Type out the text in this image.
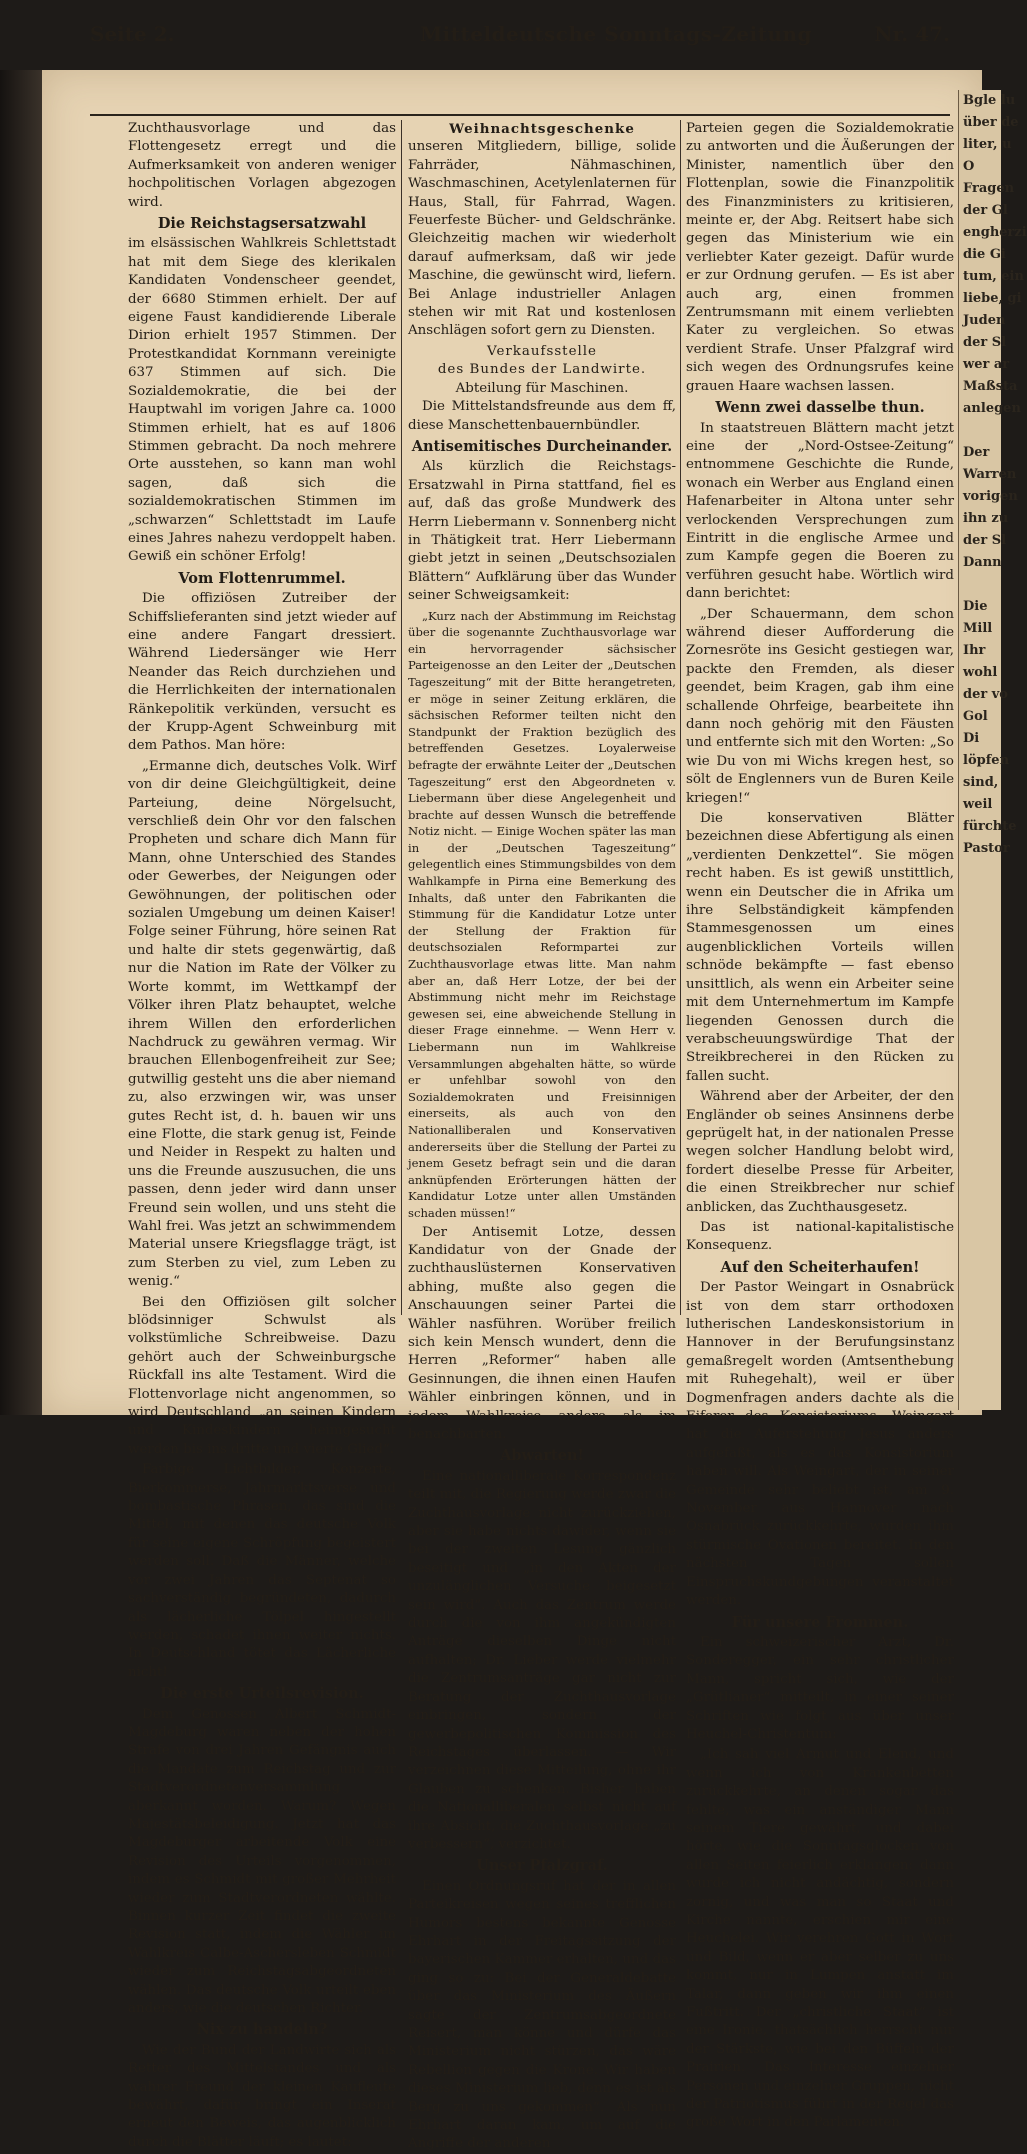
Bgle lu
über de
liter, u
O
Fragen
der Gl
engherzi
die Gi
tum, ein
liebe, gi
Juden
der Sl
wer ar
Maßsta
anlegen

Der
Warren
vorigen
ihn zu
der Sl
Dann

Die
Mill
Ihr
wohl
der vo
Gol
Di
löpfen
sind,
weil
fürchte
Pastor
Seite 2.	Mitteldeutsche Sonntags-Zeitung	Nr. 47.

Zuchthausvorlage und das Flottengesetz erregt und die Aufmerksamkeit von anderen weniger hochpolitischen Vorlagen abgezogen wird.

Die Reichstagsersatzwahl

im elsässischen Wahlkreis Schlettstadt hat mit dem Siege des klerikalen Kandidaten Vondenscheer geendet, der 6680 Stimmen erhielt. Der auf eigene Faust kandidierende Liberale Dirion erhielt 1957 Stimmen. Der Protestkandidat Kornmann vereinigte 637 Stimmen auf sich. Die Sozialdemokratie, die bei der Hauptwahl im vorigen Jahre ca. 1000 Stimmen erhielt, hat es auf 1806 Stimmen gebracht. Da noch mehrere Orte ausstehen, so kann man wohl sagen, daß sich die sozialdemokratischen Stimmen im „schwarzen“ Schlettstadt im Laufe eines Jahres nahezu verdoppelt haben. Gewiß ein schöner Erfolg!

Vom Flottenrummel.

Die offiziösen Zutreiber der Schiffslieferanten sind jetzt wieder auf eine andere Fangart dressiert. Während Liedersänger wie Herr Neander das Reich durchziehen und die Herrlichkeiten der internationalen Ränkepolitik verkünden, versucht es der Krupp-Agent Schweinburg mit dem Pathos. Man höre:

„Ermanne dich, deutsches Volk. Wirf von dir deine Gleichgültigkeit, deine Parteiung, deine Nörgelsucht, verschließ dein Ohr vor den falschen Propheten und schare dich Mann für Mann, ohne Unterschied des Standes oder Gewerbes, der Neigungen oder Gewöhnungen, der politischen oder sozialen Umgebung um deinen Kaiser! Folge seiner Führung, höre seinen Rat und halte dir stets gegenwärtig, daß nur die Nation im Rate der Völker zu Worte kommt, im Wettkampf der Völker ihren Platz behauptet, welche ihrem Willen den erforderlichen Nachdruck zu gewähren vermag. Wir brauchen Ellenbogenfreiheit zur See; gutwillig gesteht uns die aber niemand zu, also erzwingen wir, was unser gutes Recht ist, d. h. bauen wir uns eine Flotte, die stark genug ist, Feinde und Neider in Respekt zu halten und uns die Freunde auszusuchen, die uns passen, denn jeder wird dann unser Freund sein wollen, und uns steht die Wahl frei. Was jetzt an schwimmendem Material unsere Kriegsflagge trägt, ist zum Sterben zu viel, zum Leben zu wenig.“

Bei den Offiziösen gilt solcher blödsinniger Schwulst als volkstümliche Schreibweise. Dazu gehört auch der Schweinburgsche Rückfall ins alte Testament. Wird die Flottenvorlage nicht angenommen, so wird Deutschland „an seinen Kindern und Kindeskindern heimgesucht werden bis ins dritte und vierte Glied“.

Farbige Lichtbilder, Konzerte, Bierkommerse, Jahrmarktsverse und bombastische Phrasen, das sind die Mittel, mit denen das deutsche Volk für seine eigene Schröpfung begeistert werden soll. Daß die Männer, welche vor zwei Jahren das Septenat so sachverständig begründeten, dadurch als lächerliche Tölpel hingestellt werden, schadet ihnen weiter nichts. In Deutschland tötet das Lächerliche nicht!

Die erste Urteilsrevision.

Dem Genossen Albert Schmidt-Magdeburg waren neben der hohen Strafe von drei Jahren Gefängnis auch die Mandate zum Reichstag und zur Stadtverordnetenversammlung aberkannt worden. Warum? Wegen Majestätsbeleidigung. Jetzt hat das Magdeburger arbeitende Volk eine Revision des Urteils vorgenommen, indem es Schmidt mit großer Mehrheit wieder zum Stadtverordneten wählte. Binnen kurzer Zeit findet die zweite Revision statt, indem die Wähler im Wahlkreis Calbe-Aschersleben Schmidt wieder zum Reichstagsabgeordneten wählen. Das deutsche Volk urteilt eben anders, wie die deutschen Richter.

Nix zu handeln?

Wie der Bund der Landwirte sich als Retter des Mittelstandes und als wahrer Freund der kleinen Kaufleute bewährt, dafür bringt ein Inserat erneut den Beweis, das augenblicklich durch die Blätter läuft; es lautet:

Weihnachtsgeschenke

unseren Mitgliedern, billige, solide Fahrräder, Nähmaschinen, Waschmaschinen, Acetylenlaternen für Haus, Stall, für Fahrrad, Wagen. Feuerfeste Bücher- und Geldschränke. Gleichzeitig machen wir wiederholt darauf aufmerksam, daß wir jede Maschine, die gewünscht wird, liefern. Bei Anlage industrieller Anlagen stehen wir mit Rat und kostenlosen Anschlägen sofort gern zu Diensten.

Verkaufsstelle

des Bundes der Landwirte.

Abteilung für Maschinen.

Die Mittelstandsfreunde aus dem ff, diese Manschettenbauernbündler.

Antisemitisches Durcheinander.

Als kürzlich die Reichstags-Ersatzwahl in Pirna stattfand, fiel es auf, daß das große Mundwerk des Herrn Liebermann v. Sonnenberg nicht in Thätigkeit trat. Herr Liebermann giebt jetzt in seinen „Deutschsozialen Blättern“ Aufklärung über das Wunder seiner Schweigsamkeit:

„Kurz nach der Abstimmung im Reichstag über die sogenannte Zuchthausvorlage war ein hervorragender sächsischer Parteigenosse an den Leiter der „Deutschen Tageszeitung“ mit der Bitte herangetreten, er möge in seiner Zeitung erklären, die sächsischen Reformer teilten nicht den Standpunkt der Fraktion bezüglich des betreffenden Gesetzes. Loyalerweise befragte der erwähnte Leiter der „Deutschen Tageszeitung“ erst den Abgeordneten v. Liebermann über diese Angelegenheit und brachte auf dessen Wunsch die betreffende Notiz nicht. — Einige Wochen später las man in der „Deutschen Tageszeitung“ gelegentlich eines Stimmungsbildes von dem Wahlkampfe in Pirna eine Bemerkung des Inhalts, daß unter den Fabrikanten die Stimmung für die Kandidatur Lotze unter der Stellung der Fraktion für deutschsozialen Reformpartei zur Zuchthausvorlage etwas litte. Man nahm aber an, daß Herr Lotze, der bei der Abstimmung nicht mehr im Reichstage gewesen sei, eine abweichende Stellung in dieser Frage einnehme. — Wenn Herr v. Liebermann nun im Wahlkreise Versammlungen abgehalten hätte, so würde er unfehlbar sowohl von den Sozialdemokraten und Freisinnigen einerseits, als auch von den Nationalliberalen und Konservativen andererseits über die Stellung der Partei zu jenem Gesetz befragt sein und die daran anknüpfenden Erörterungen hätten der Kandidatur Lotze unter allen Umständen schaden müssen!“

Der Antisemit Lotze, dessen Kandidatur von der Gnade der zuchthauslüsternen Konservativen abhing, mußte also gegen die Anschauungen seiner Partei die Wähler nasführen. Worüber freilich sich kein Mensch wundert, denn die Herren „Reformer“ haben alle Gesinnungen, die ihnen einen Haufen Wähler einbringen können, und in jedem Wahlkreise andere als im benachbarten.

Abwarten!

Eine nationalliberale Korrespondenz teilt mit, die Regierung werde zwar die Zuchthausvorlage nicht zurückziehen, aber sie habe nichts dawider, wenn sie bei der zweiten Lesung gänzlich beseitigt und „in den Akten der unzulänglichen Versuche beigesetzt sein wird“. Auch das Zentrum werde durch die von ihm angekündigten Anträge dieselben Dinge nicht aufhalten; Dr. Lieber werde vielmehr die Zentrumsanträge gar nicht zur Beratung der Zuchthausvorlage einbringen, sondern der gewerbepolitischen Kommission des Reichstages überlassen. — Wir verzeichnen diese Mitteilung, ohne ihr Glauben zu schenken. Bisher haben die Nationalliberalen selbst nicht auf ihre Absicht, die Zuchthausvorlage „zu verbessern“, verzichtet.

Unser Pfalzgraf.

Einen Ordnungsruf hat der in allen Parteikreisen wegen seines trefflichen Humors bestens bekannte Genosse Ehrhart in der Freitagssitzung der bayerischen Kammer erhalten, und das ging so zu: Bei der Generaldebatte über das Ministerium des Äußern sagte der Zentrumsabgeordnete Reisert, man könne und dürfe das Ministerium nicht stürzen, das wäre Rebellion gegen die Krone. Wir haben dieses Ministerium lieb, denn es ist als Berg zu uns gekommen“. Als nun Ehrhart daran kam, um auf die Angriffe der anderen

Parteien gegen die Sozialdemokratie zu antworten und die Äußerungen der Minister, namentlich über den Flottenplan, sowie die Finanzpolitik des Finanzministers zu kritisieren, meinte er, der Abg. Reitsert habe sich gegen das Ministerium wie ein verliebter Kater gezeigt. Dafür wurde er zur Ordnung gerufen. — Es ist aber auch arg, einen frommen Zentrumsmann mit einem verliebten Kater zu vergleichen. So etwas verdient Strafe. Unser Pfalzgraf wird sich wegen des Ordnungsrufes keine grauen Haare wachsen lassen.

Wenn zwei dasselbe thun.

In staatstreuen Blättern macht jetzt eine der „Nord-Ostsee-Zeitung“ entnommene Geschichte die Runde, wonach ein Werber aus England einen Hafenarbeiter in Altona unter sehr verlockenden Versprechungen zum Eintritt in die englische Armee und zum Kampfe gegen die Boeren zu verführen gesucht habe. Wörtlich wird dann berichtet:

„Der Schauermann, dem schon während dieser Aufforderung die Zornesröte ins Gesicht gestiegen war, packte den Fremden, als dieser geendet, beim Kragen, gab ihm eine schallende Ohrfeige, bearbeitete ihn dann noch gehörig mit den Fäusten und entfernte sich mit den Worten: „So wie Du von mi Wichs kregen hest, so sölt de Englenners vun de Buren Keile kriegen!“

Die konservativen Blätter bezeichnen diese Abfertigung als einen „verdienten Denkzettel“. Sie mögen recht haben. Es ist gewiß unstittlich, wenn ein Deutscher die in Afrika um ihre Selbständigkeit kämpfenden Stammesgenossen um eines augenblicklichen Vorteils willen schnöde bekämpfte — fast ebenso unsittlich, als wenn ein Arbeiter seine mit dem Unternehmertum im Kampfe liegenden Genossen durch die verabscheuungswürdige That der Streikbrecherei in den Rücken zu fallen sucht.

Während aber der Arbeiter, der den Engländer ob seines Ansinnens derbe geprügelt hat, in der nationalen Presse wegen solcher Handlung belobt wird, fordert dieselbe Presse für Arbeiter, die einen Streikbrecher nur schief anblicken, das Zuchthausgesetz.

Das ist national-kapitalistische Konsequenz.

Auf den Scheiterhaufen!

Der Pastor Weingart in Osnabrück ist von dem starr orthodoxen lutherischen Landeskonsistorium in Hannover in der Berufungsinstanz gemaßregelt worden (Amtsenthebung mit Ruhegehalt), weil er über Dogmenfragen anders dachte als die Eiferer des Konsistoriums. Weingart hat die Auferstehung Jesus anders aufgefaßt, als es das Konsistorium haben will. Als Weingart, der in seiner Gemeinde sehr beliebt ist, am 9. November aus Hannover nach Osnabrück zurückkehrte, wurden ihm stürmische Ovationen bereitet. In den nächsten Tagen sollen Einspruchskundgebungen veranstaltet werden.

Für unsere Frommen.

Ein schweizerischer Arzt, Dr. Sonderegger, ein sehr christlicher Mann, spricht sich, wie der „Grütlianer“ mitteilt, in einer seiner Schriften wie folgt aus über unser Heuchel-Christentum:

„Ich sah viel Armut und Elend, und wenn ich von Krankenbetten zurückkehrte, an denen sogar das fehlte, was ein anständiger Mann seinem Tiere gewährt, und dabei hörte, wie die Sonntagsglocken von allen Seiten feierlich erklangen: dann wurde ich nicht andächtig, sondern zornig, und was man so Staat und Kirche nannte, erschien mir eine Heuchelei. Wir verehren Gott in Wort und Bild, wenn er aber selber zu uns kommt, nur in Lumpen anstatt im Talar, dann geben wir ihm einen Fußtritt. Der „christliche Staat“ ist eine Ironie, thatsächlich herrscht nur der Stärkste, wie bei den Büffeln der Prairien. Das Interesse einzelner Personen und einzelner Gruppen, nicht der Patriotismus führt in der Regel das große Wort in den Parlamenten.
